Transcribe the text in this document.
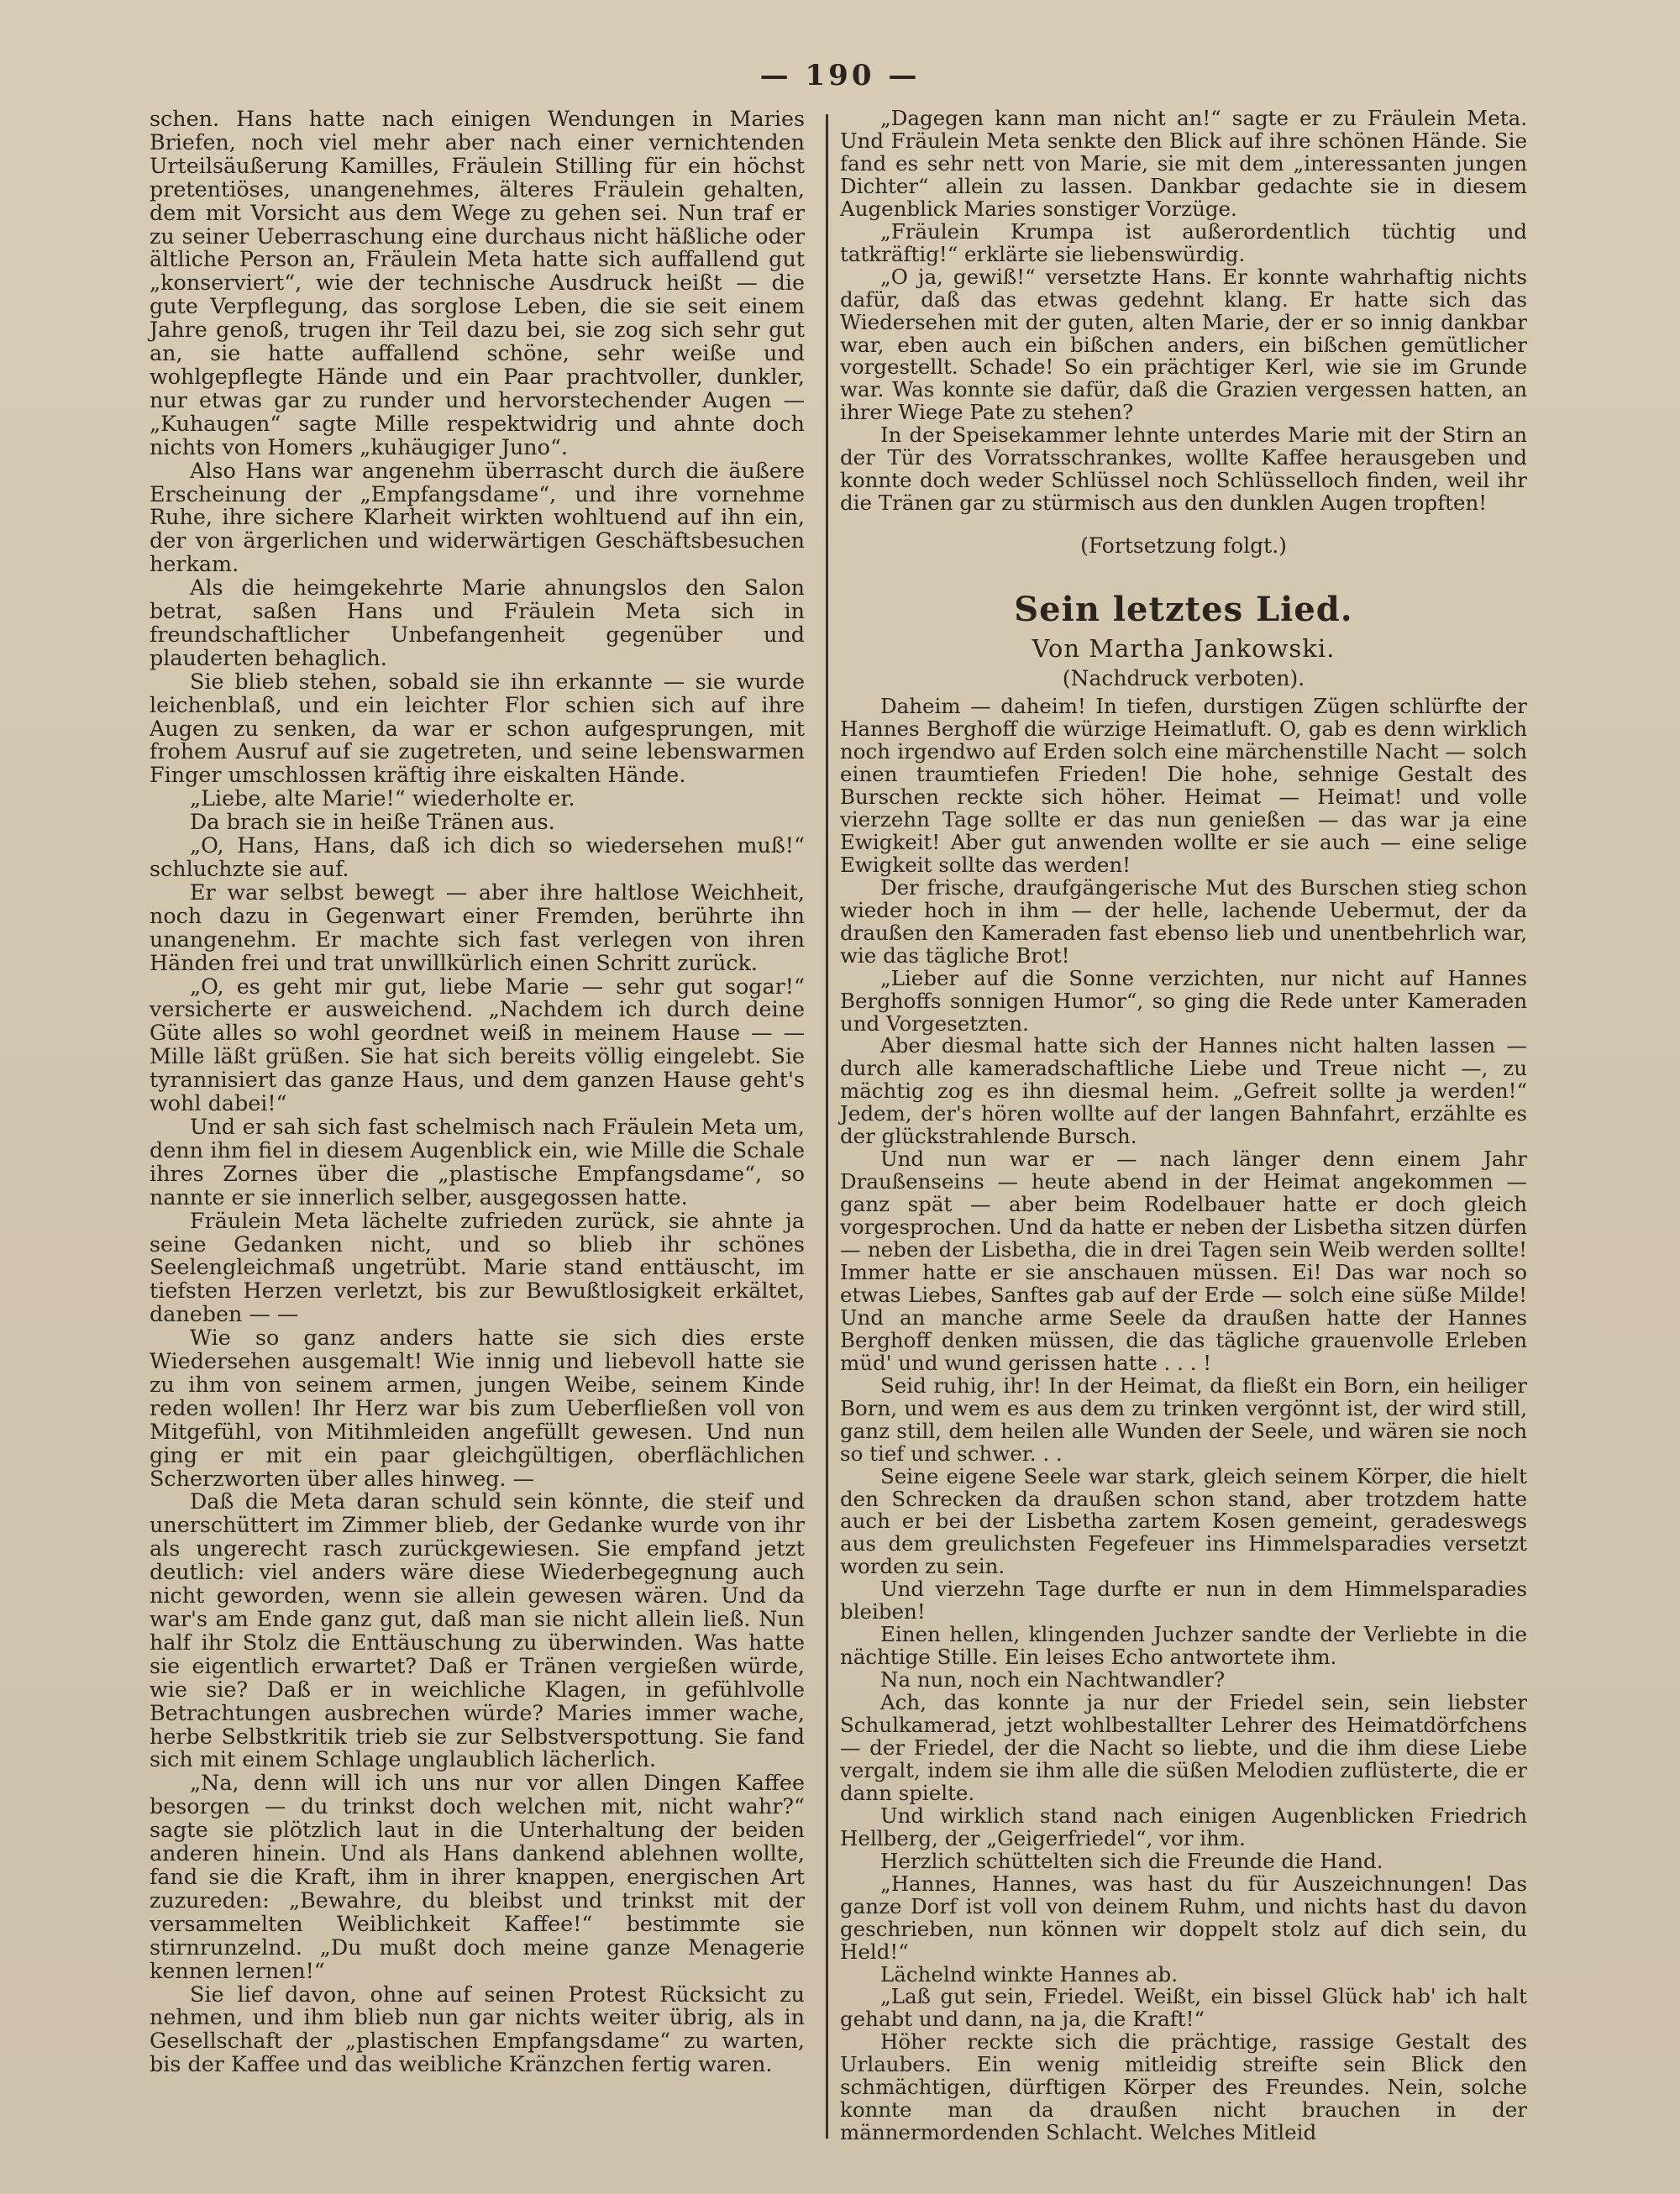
— 190 —

schen. Hans hatte nach einigen Wendungen in Maries Briefen, noch viel mehr aber nach einer vernichtenden Urteilsäußerung Kamilles, Fräulein Stilling für ein höchst pretentiöses, unangenehmes, älteres Fräulein gehalten, dem mit Vorsicht aus dem Wege zu gehen sei. Nun traf er zu seiner Ueberraschung eine durchaus nicht häßliche oder ältliche Person an, Fräulein Meta hatte sich auffallend gut „konserviert“, wie der technische Ausdruck heißt — die gute Verpflegung, das sorglose Leben, die sie seit einem Jahre genoß, trugen ihr Teil dazu bei, sie zog sich sehr gut an, sie hatte auffallend schöne, sehr weiße und wohlgepflegte Hände und ein Paar prachtvoller, dunkler, nur etwas gar zu runder und hervorstechender Augen — „Kuhaugen“ sagte Mille respektwidrig und ahnte doch nichts von Homers „kuhäugiger Juno“.

Also Hans war angenehm überrascht durch die äußere Erscheinung der „Empfangsdame“, und ihre vornehme Ruhe, ihre sichere Klarheit wirkten wohltuend auf ihn ein, der von ärgerlichen und widerwärtigen Geschäftsbesuchen herkam.

Als die heimgekehrte Marie ahnungslos den Salon betrat, saßen Hans und Fräulein Meta sich in freundschaftlicher Unbefangenheit gegenüber und plauderten behaglich.

Sie blieb stehen, sobald sie ihn erkannte — sie wurde leichenblaß, und ein leichter Flor schien sich auf ihre Augen zu senken, da war er schon aufgesprungen, mit frohem Ausruf auf sie zugetreten, und seine lebenswarmen Finger umschlossen kräftig ihre eiskalten Hände.

„Liebe, alte Marie!“ wiederholte er.

Da brach sie in heiße Tränen aus.

„O, Hans, Hans, daß ich dich so wiedersehen muß!“ schluchzte sie auf.

Er war selbst bewegt — aber ihre haltlose Weichheit, noch dazu in Gegenwart einer Fremden, berührte ihn unangenehm. Er machte sich fast verlegen von ihren Händen frei und trat unwillkürlich einen Schritt zurück.

„O, es geht mir gut, liebe Marie — sehr gut sogar!“ versicherte er ausweichend. „Nachdem ich durch deine Güte alles so wohl geordnet weiß in meinem Hause — — Mille läßt grüßen. Sie hat sich bereits völlig eingelebt. Sie tyrannisiert das ganze Haus, und dem ganzen Hause geht's wohl dabei!“

Und er sah sich fast schelmisch nach Fräulein Meta um, denn ihm fiel in diesem Augenblick ein, wie Mille die Schale ihres Zornes über die „plastische Empfangsdame“, so nannte er sie innerlich selber, ausgegossen hatte.

Fräulein Meta lächelte zufrieden zurück, sie ahnte ja seine Gedanken nicht, und so blieb ihr schönes Seelengleichmaß ungetrübt. Marie stand enttäuscht, im tiefsten Herzen verletzt, bis zur Bewußtlosigkeit erkältet, daneben — —

Wie so ganz anders hatte sie sich dies erste Wiedersehen ausgemalt! Wie innig und liebevoll hatte sie zu ihm von seinem armen, jungen Weibe, seinem Kinde reden wollen! Ihr Herz war bis zum Ueberfließen voll von Mitgefühl, von Mitihmleiden angefüllt gewesen. Und nun ging er mit ein paar gleichgültigen, oberflächlichen Scherzworten über alles hinweg. —

Daß die Meta daran schuld sein könnte, die steif und unerschüttert im Zimmer blieb, der Gedanke wurde von ihr als ungerecht rasch zurückgewiesen. Sie empfand jetzt deutlich: viel anders wäre diese Wiederbegegnung auch nicht geworden, wenn sie allein gewesen wären. Und da war's am Ende ganz gut, daß man sie nicht allein ließ. Nun half ihr Stolz die Enttäuschung zu überwinden. Was hatte sie eigentlich erwartet? Daß er Tränen vergießen würde, wie sie? Daß er in weichliche Klagen, in gefühlvolle Betrachtungen ausbrechen würde? Maries immer wache, herbe Selbstkritik trieb sie zur Selbstverspottung. Sie fand sich mit einem Schlage unglaublich lächerlich.

„Na, denn will ich uns nur vor allen Dingen Kaffee besorgen — du trinkst doch welchen mit, nicht wahr?“ sagte sie plötzlich laut in die Unterhaltung der beiden anderen hinein. Und als Hans dankend ablehnen wollte, fand sie die Kraft, ihm in ihrer knappen, energischen Art zuzureden: „Bewahre, du bleibst und trinkst mit der versammelten Weiblichkeit Kaffee!“ bestimmte sie stirnrunzelnd. „Du mußt doch meine ganze Menagerie kennen lernen!“

Sie lief davon, ohne auf seinen Protest Rücksicht zu nehmen, und ihm blieb nun gar nichts weiter übrig, als in Gesellschaft der „plastischen Empfangsdame“ zu warten, bis der Kaffee und das weibliche Kränzchen fertig waren.

„Dagegen kann man nicht an!“ sagte er zu Fräulein Meta. Und Fräulein Meta senkte den Blick auf ihre schönen Hände. Sie fand es sehr nett von Marie, sie mit dem „interessanten jungen Dichter“ allein zu lassen. Dankbar gedachte sie in diesem Augenblick Maries sonstiger Vorzüge.

„Fräulein Krumpa ist außerordentlich tüchtig und tatkräftig!“ erklärte sie liebenswürdig.

„O ja, gewiß!“ versetzte Hans. Er konnte wahrhaftig nichts dafür, daß das etwas gedehnt klang. Er hatte sich das Wiedersehen mit der guten, alten Marie, der er so innig dankbar war, eben auch ein bißchen anders, ein bißchen gemütlicher vorgestellt. Schade! So ein prächtiger Kerl, wie sie im Grunde war. Was konnte sie dafür, daß die Grazien vergessen hatten, an ihrer Wiege Pate zu stehen?

In der Speisekammer lehnte unterdes Marie mit der Stirn an der Tür des Vorratsschrankes, wollte Kaffee herausgeben und konnte doch weder Schlüssel noch Schlüsselloch finden, weil ihr die Tränen gar zu stürmisch aus den dunklen Augen tropften!

(Fortsetzung folgt.)

Sein letztes Lied.
Von Martha Jankowski.
(Nachdruck verboten).

Daheim — daheim! In tiefen, durstigen Zügen schlürfte der Hannes Berghoff die würzige Heimatluft. O, gab es denn wirklich noch irgendwo auf Erden solch eine märchenstille Nacht — solch einen traumtiefen Frieden! Die hohe, sehnige Gestalt des Burschen reckte sich höher. Heimat — Heimat! und volle vierzehn Tage sollte er das nun genießen — das war ja eine Ewigkeit! Aber gut anwenden wollte er sie auch — eine selige Ewigkeit sollte das werden!

Der frische, draufgängerische Mut des Burschen stieg schon wieder hoch in ihm — der helle, lachende Uebermut, der da draußen den Kameraden fast ebenso lieb und unentbehrlich war, wie das tägliche Brot!

„Lieber auf die Sonne verzichten, nur nicht auf Hannes Berghoffs sonnigen Humor“, so ging die Rede unter Kameraden und Vorgesetzten.

Aber diesmal hatte sich der Hannes nicht halten lassen — durch alle kameradschaftliche Liebe und Treue nicht —, zu mächtig zog es ihn diesmal heim. „Gefreit sollte ja werden!“ Jedem, der's hören wollte auf der langen Bahnfahrt, erzählte es der glückstrahlende Bursch.

Und nun war er — nach länger denn einem Jahr Draußenseins — heute abend in der Heimat angekommen — ganz spät — aber beim Rodelbauer hatte er doch gleich vorgesprochen. Und da hatte er neben der Lisbetha sitzen dürfen — neben der Lisbetha, die in drei Tagen sein Weib werden sollte! Immer hatte er sie anschauen müssen. Ei! Das war noch so etwas Liebes, Sanftes gab auf der Erde — solch eine süße Milde! Und an manche arme Seele da draußen hatte der Hannes Berghoff denken müssen, die das tägliche grauenvolle Erleben müd' und wund gerissen hatte . . . !

Seid ruhig, ihr! In der Heimat, da fließt ein Born, ein heiliger Born, und wem es aus dem zu trinken vergönnt ist, der wird still, ganz still, dem heilen alle Wunden der Seele, und wären sie noch so tief und schwer. . .

Seine eigene Seele war stark, gleich seinem Körper, die hielt den Schrecken da draußen schon stand, aber trotzdem hatte auch er bei der Lisbetha zartem Kosen gemeint, geradeswegs aus dem greulichsten Fegefeuer ins Himmelsparadies versetzt worden zu sein.

Und vierzehn Tage durfte er nun in dem Himmelsparadies bleiben!

Einen hellen, klingenden Juchzer sandte der Verliebte in die nächtige Stille. Ein leises Echo antwortete ihm.

Na nun, noch ein Nachtwandler?

Ach, das konnte ja nur der Friedel sein, sein liebster Schulkamerad, jetzt wohlbestallter Lehrer des Heimatdörfchens — der Friedel, der die Nacht so liebte, und die ihm diese Liebe vergalt, indem sie ihm alle die süßen Melodien zuflüsterte, die er dann spielte.

Und wirklich stand nach einigen Augenblicken Friedrich Hellberg, der „Geigerfriedel“, vor ihm.

Herzlich schüttelten sich die Freunde die Hand.

„Hannes, Hannes, was hast du für Auszeichnungen! Das ganze Dorf ist voll von deinem Ruhm, und nichts hast du davon geschrieben, nun können wir doppelt stolz auf dich sein, du Held!“

Lächelnd winkte Hannes ab.

„Laß gut sein, Friedel. Weißt, ein bissel Glück hab' ich halt gehabt und dann, na ja, die Kraft!“

Höher reckte sich die prächtige, rassige Gestalt des Urlaubers. Ein wenig mitleidig streifte sein Blick den schmächtigen, dürftigen Körper des Freundes. Nein, solche konnte man da draußen nicht brauchen in der männermordenden Schlacht. Welches Mitleid
